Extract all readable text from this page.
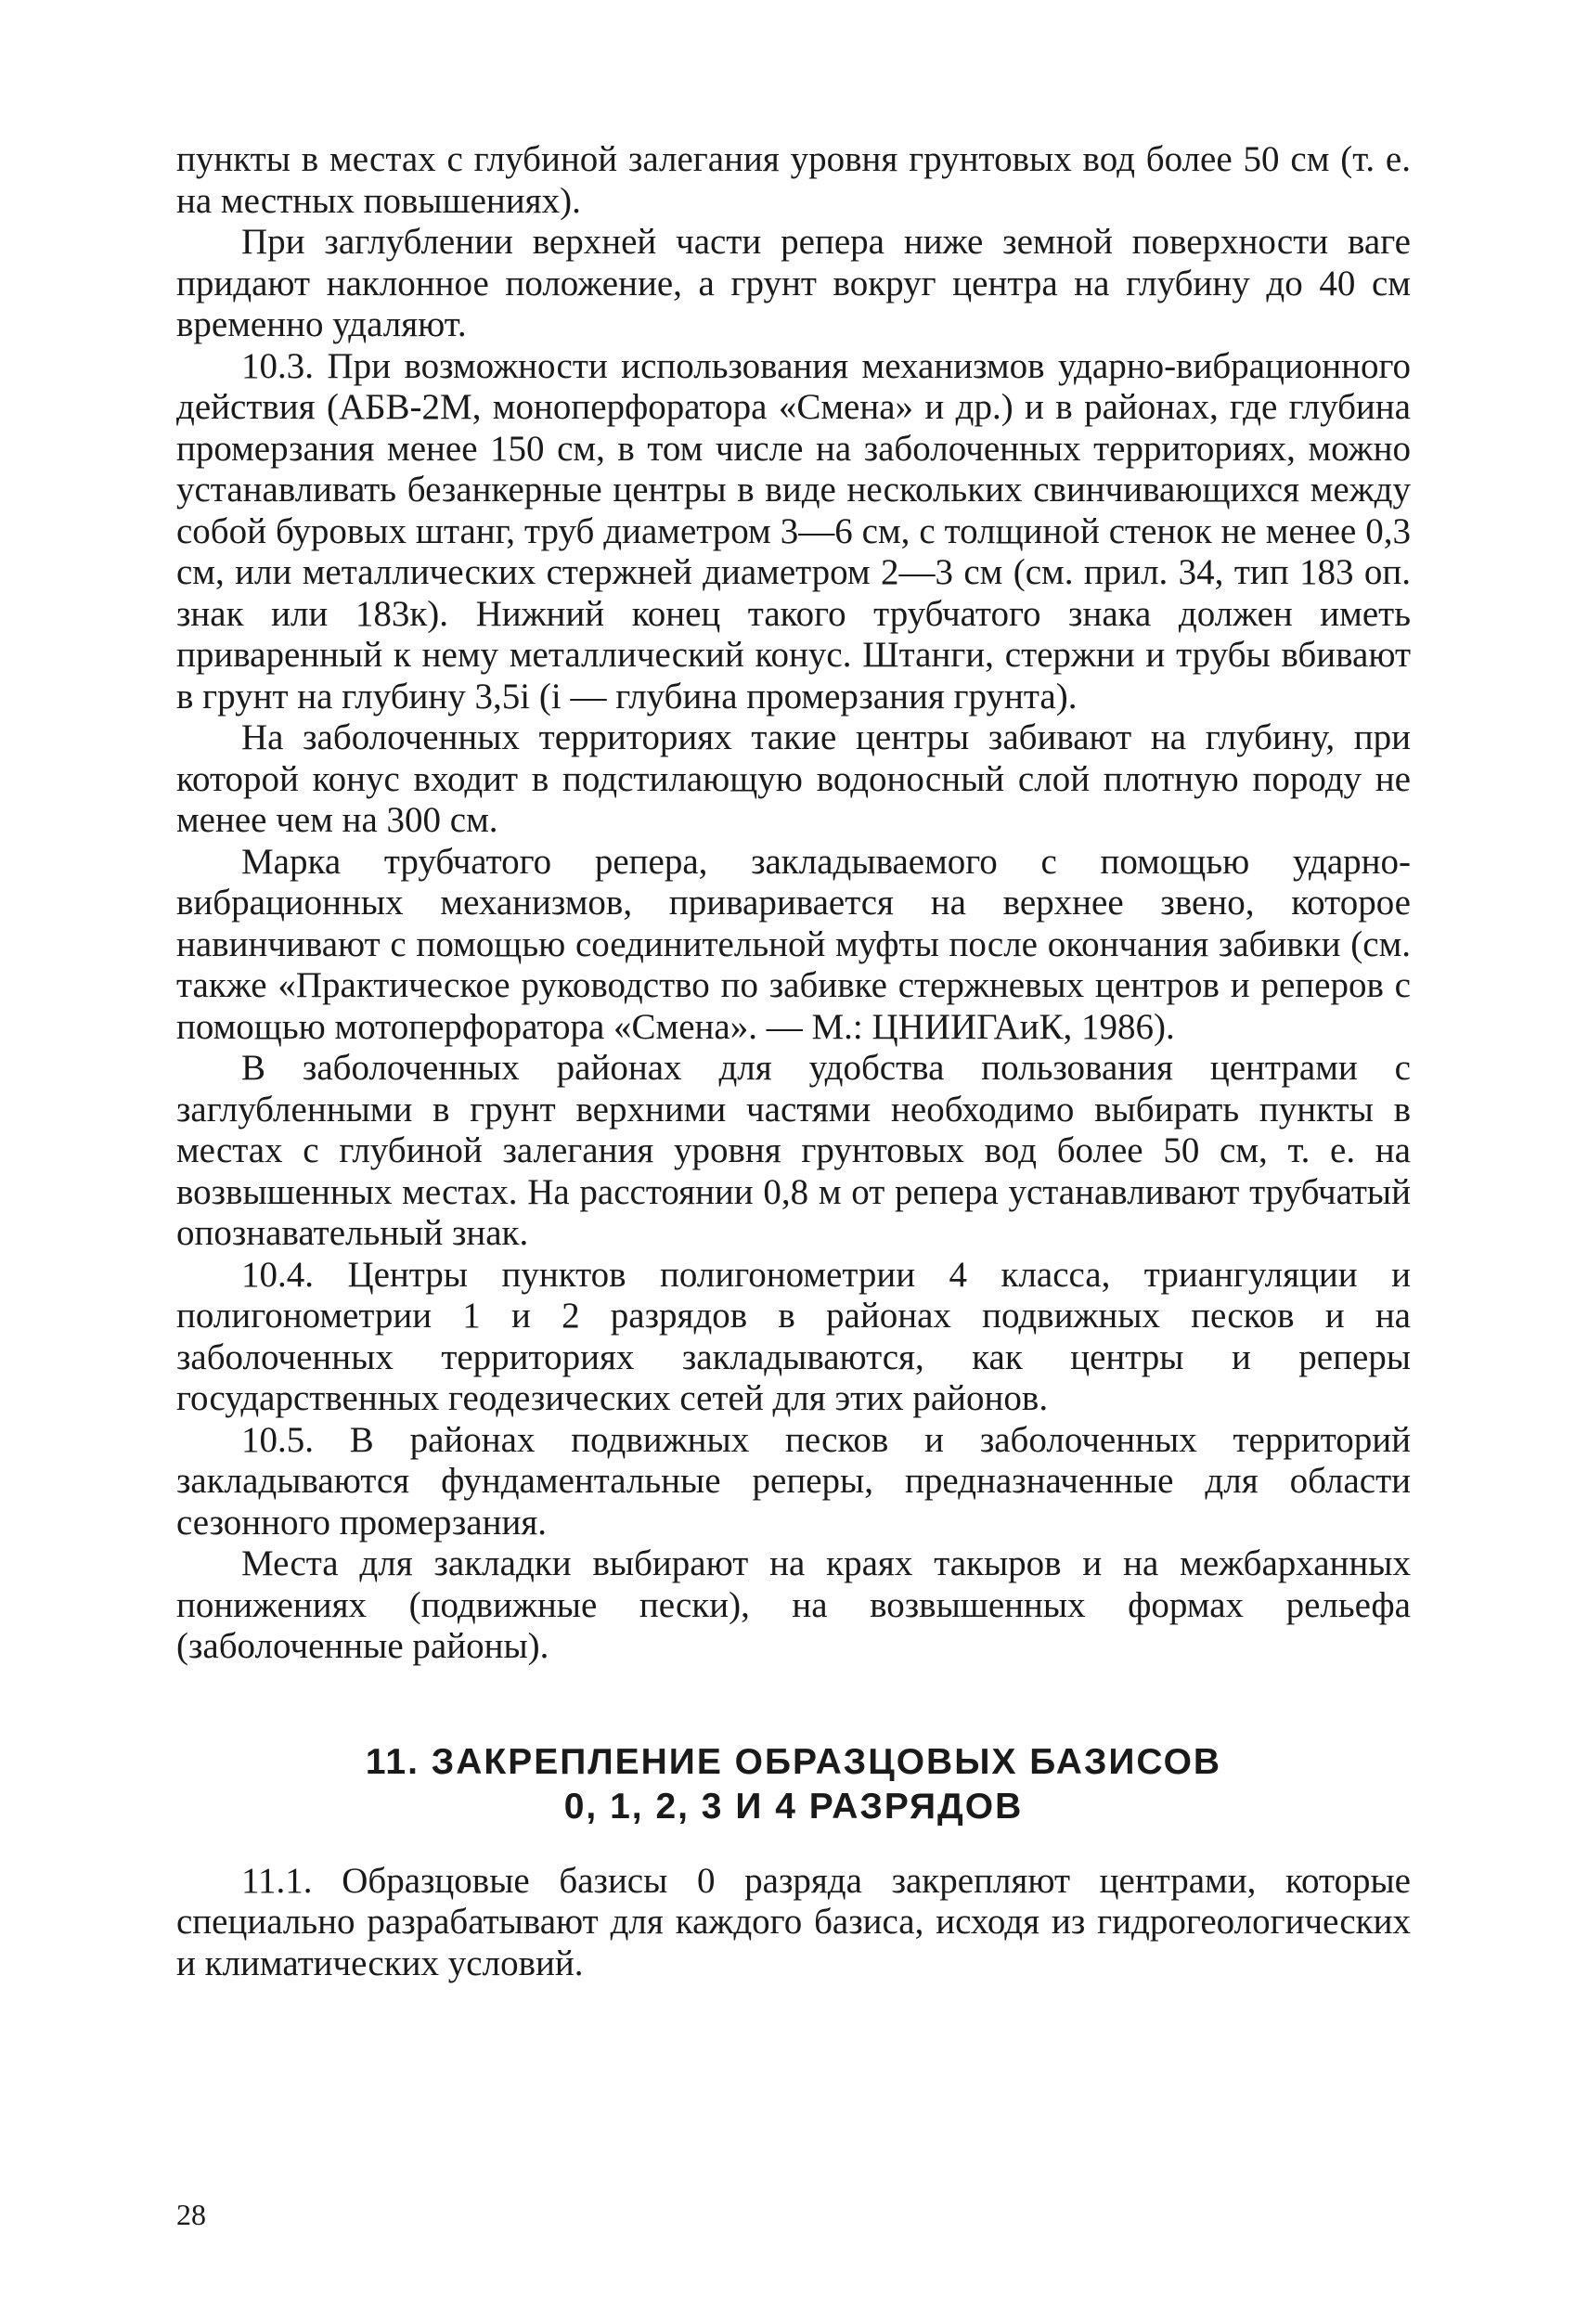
пункты в местах с глубиной залегания уровня грунтовых вод более 50 см (т. е. на местных повышениях).

При заглублении верхней части репера ниже земной поверхности ваге придают наклонное положение, а грунт вокруг центра на глубину до 40 см временно удаляют.

10.3. При возможности использования механизмов ударно-вибрационного действия (АБВ-2М, моноперфоратора «Смена» и др.) и в районах, где глубина промерзания менее 150 см, в том числе на заболоченных территориях, можно устанавливать безанкерные центры в виде нескольких свинчивающихся между собой буровых штанг, труб диаметром 3—6 см, с толщиной стенок не менее 0,3 см, или металлических стержней диаметром 2—3 см (см. прил. 34, тип 183 оп. знак или 183к). Нижний конец такого трубчатого знака должен иметь приваренный к нему металлический конус. Штанги, стержни и трубы вбивают в грунт на глубину 3,5i (i — глубина промерзания грунта).

На заболоченных территориях такие центры забивают на глубину, при которой конус входит в подстилающую водоносный слой плотную породу не менее чем на 300 см.

Марка трубчатого репера, закладываемого с помощью ударно-вибрационных механизмов, приваривается на верхнее звено, которое навинчивают с помощью соединительной муфты после окончания забивки (см. также «Практическое руководство по забивке стержневых центров и реперов с помощью мотоперфоратора «Смена». — М.: ЦНИИГАиК, 1986).

В заболоченных районах для удобства пользования центрами с заглубленными в грунт верхними частями необходимо выбирать пункты в местах с глубиной залегания уровня грунтовых вод более 50 см, т. е. на возвышенных местах. На расстоянии 0,8 м от репера устанавливают трубчатый опознавательный знак.

10.4. Центры пунктов полигонометрии 4 класса, триангуляции и полигонометрии 1 и 2 разрядов в районах подвижных песков и на заболоченных территориях закладываются, как центры и реперы государственных геодезических сетей для этих районов.

10.5. В районах подвижных песков и заболоченных территорий закладываются фундаментальные реперы, предназначенные для области сезонного промерзания.

Места для закладки выбирают на краях такыров и на межбарханных понижениях (подвижные пески), на возвышенных формах рельефа (заболоченные районы).

11. ЗАКРЕПЛЕНИЕ ОБРАЗЦОВЫХ БАЗИСОВ
0, 1, 2, 3 И 4 РАЗРЯДОВ

11.1. Образцовые базисы 0 разряда закрепляют центрами, которые специально разрабатывают для каждого базиса, исходя из гидрогеологических и климатических условий.

28
